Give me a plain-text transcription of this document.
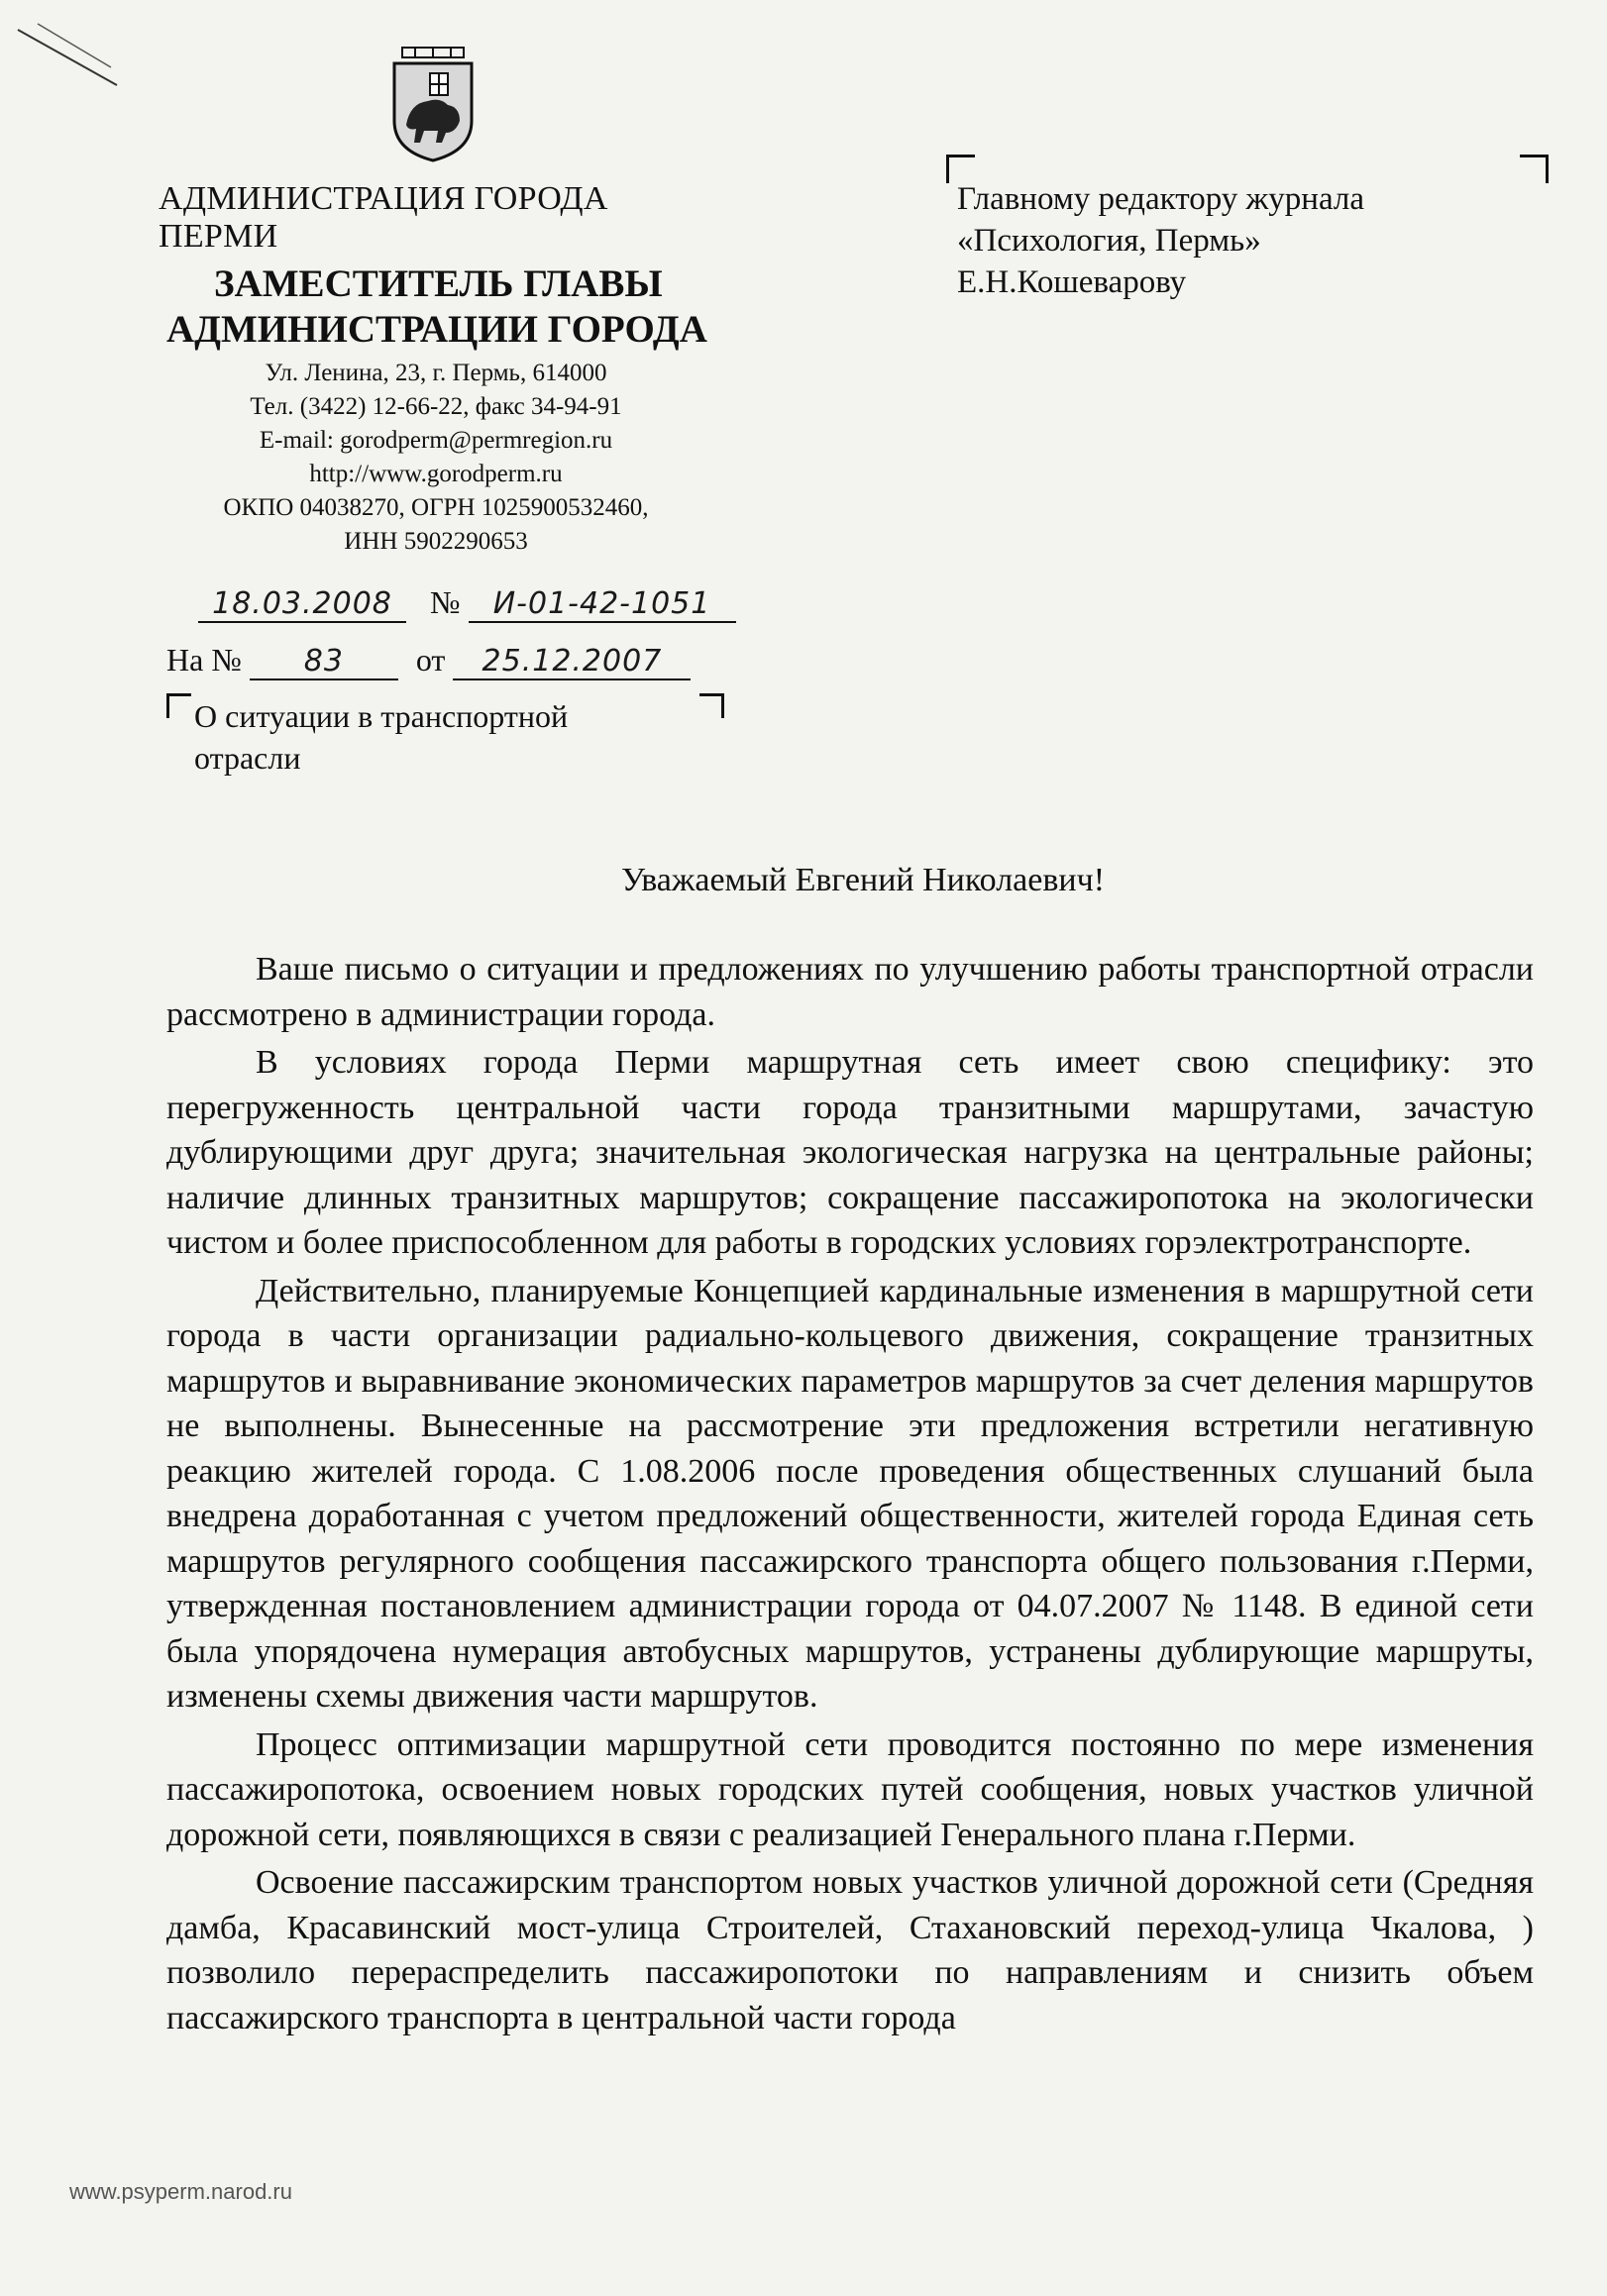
АДМИНИСТРАЦИЯ ГОРОДА ПЕРМИ
ЗАМЕСТИТЕЛЬ ГЛАВЫ
АДМИНИСТРАЦИИ ГОРОДА
Ул. Ленина, 23, г. Пермь, 614000
Тел. (3422) 12-66-22, факс 34-94-91
E-mail: gorodperm@permregion.ru
http://www.gorodperm.ru
ОКПО 04038270, ОГРН 1025900532460,
ИНН 5902290653
Главному редактору журнала
«Психология, Пермь»
Е.Н.Кошеварову
18.03.2008 № И-01-42-1051
На № 83 от 25.12.2007
О ситуации в транспортной
отрасли
Уважаемый Евгений Николаевич!

Ваше письмо о ситуации и предложениях по улучшению работы транспортной отрасли рассмотрено в администрации города.

В условиях города Перми маршрутная сеть имеет свою специфику: это перегруженность центральной части города транзитными маршрутами, зачастую дублирующими друг друга; значительная экологическая нагрузка на центральные районы; наличие длинных транзитных маршрутов; сокращение пассажиропотока на экологически чистом и более приспособленном для работы в городских условиях горэлектротранспорте.

Действительно, планируемые Концепцией кардинальные изменения в маршрутной сети города в части организации радиально-кольцевого движения, сокращение транзитных маршрутов и выравнивание экономических параметров маршрутов за счет деления маршрутов не выполнены. Вынесенные на рассмотрение эти предложения встретили негативную реакцию жителей города. С 1.08.2006 после проведения общественных слушаний была внедрена доработанная с учетом предложений общественности, жителей города Единая сеть маршрутов регулярного сообщения пассажирского транспорта общего пользования г.Перми, утвержденная постановлением администрации города от 04.07.2007 № 1148. В единой сети была упорядочена нумерация автобусных маршрутов, устранены дублирующие маршруты, изменены схемы движения части маршрутов.

Процесс оптимизации маршрутной сети проводится постоянно по мере изменения пассажиропотока, освоением новых городских путей сообщения, новых участков уличной дорожной сети, появляющихся в связи с реализацией Генерального плана г.Перми.

Освоение пассажирским транспортом новых участков уличной дорожной сети (Средняя дамба, Красавинский мост-улица Строителей, Стахановский переход-улица Чкалова, ) позволило перераспределить пассажиропотоки по направлениям и снизить объем пассажирского транспорта в центральной части города

www.psyperm.narod.ru
